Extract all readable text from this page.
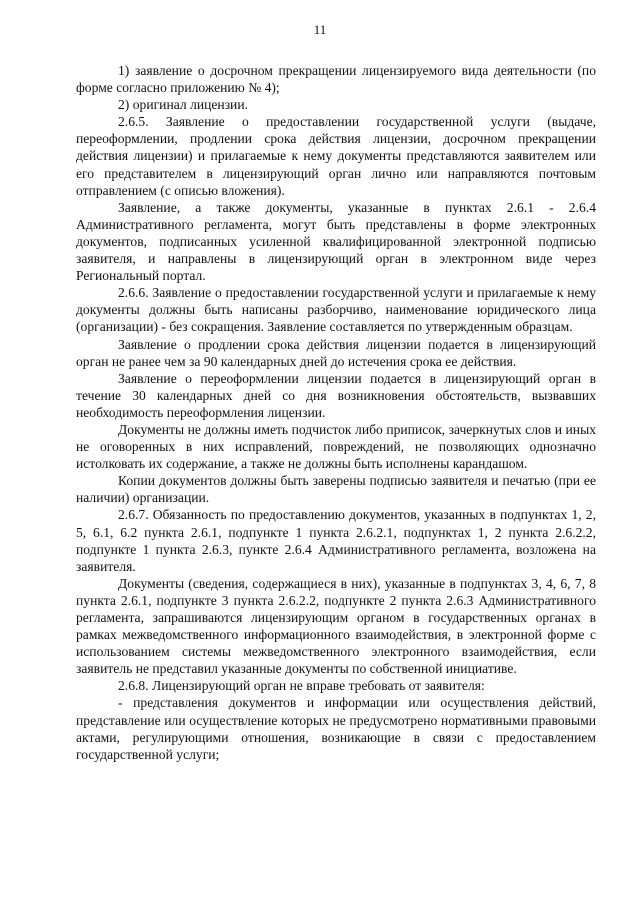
11

1) заявление о досрочном прекращении лицензируемого вида деятельности (по форме согласно приложению № 4);

2) оригинал лицензии.

2.6.5. Заявление о предоставлении государственной услуги (выдаче, переоформлении, продлении срока действия лицензии, досрочном прекращении действия лицензии) и прилагаемые к нему документы представляются заявителем или его представителем в лицензирующий орган лично или направляются почтовым отправлением (с описью вложения).

Заявление, а также документы, указанные в пунктах 2.6.1 - 2.6.4 Административного регламента, могут быть представлены в форме электронных документов, подписанных усиленной квалифицированной электронной подписью заявителя, и направлены в лицензирующий орган в электронном виде через Региональный портал.

2.6.6. Заявление о предоставлении государственной услуги и прилагаемые к нему документы должны быть написаны разборчиво, наименование юридического лица (организации) - без сокращения. Заявление составляется по утвержденным образцам.

Заявление о продлении срока действия лицензии подается в лицензирующий орган не ранее чем за 90 календарных дней до истечения срока ее действия.

Заявление о переоформлении лицензии подается в лицензирующий орган в течение 30 календарных дней со дня возникновения обстоятельств, вызвавших необходимость переоформления лицензии.

Документы не должны иметь подчисток либо приписок, зачеркнутых слов и иных не оговоренных в них исправлений, повреждений, не позволяющих однозначно истолковать их содержание, а также не должны быть исполнены карандашом.

Копии документов должны быть заверены подписью заявителя и печатью (при ее наличии) организации.

2.6.7. Обязанность по предоставлению документов, указанных в подпунктах 1, 2, 5, 6.1, 6.2 пункта 2.6.1, подпункте 1 пункта 2.6.2.1, подпунктах 1, 2 пункта 2.6.2.2, подпункте 1 пункта 2.6.3, пункте 2.6.4 Административного регламента, возложена на заявителя.

Документы (сведения, содержащиеся в них), указанные в подпунктах 3, 4, 6, 7, 8 пункта 2.6.1, подпункте 3 пункта 2.6.2.2, подпункте 2 пункта 2.6.3 Административного регламента, запрашиваются лицензирующим органом в государственных органах в рамках межведомственного информационного взаимодействия, в электронной форме с использованием системы межведомственного электронного взаимодействия, если заявитель не представил указанные документы по собственной инициативе.

2.6.8. Лицензирующий орган не вправе требовать от заявителя:

- представления документов и информации или осуществления действий, представление или осуществление которых не предусмотрено нормативными правовыми актами, регулирующими отношения, возникающие в связи с предоставлением государственной услуги;
